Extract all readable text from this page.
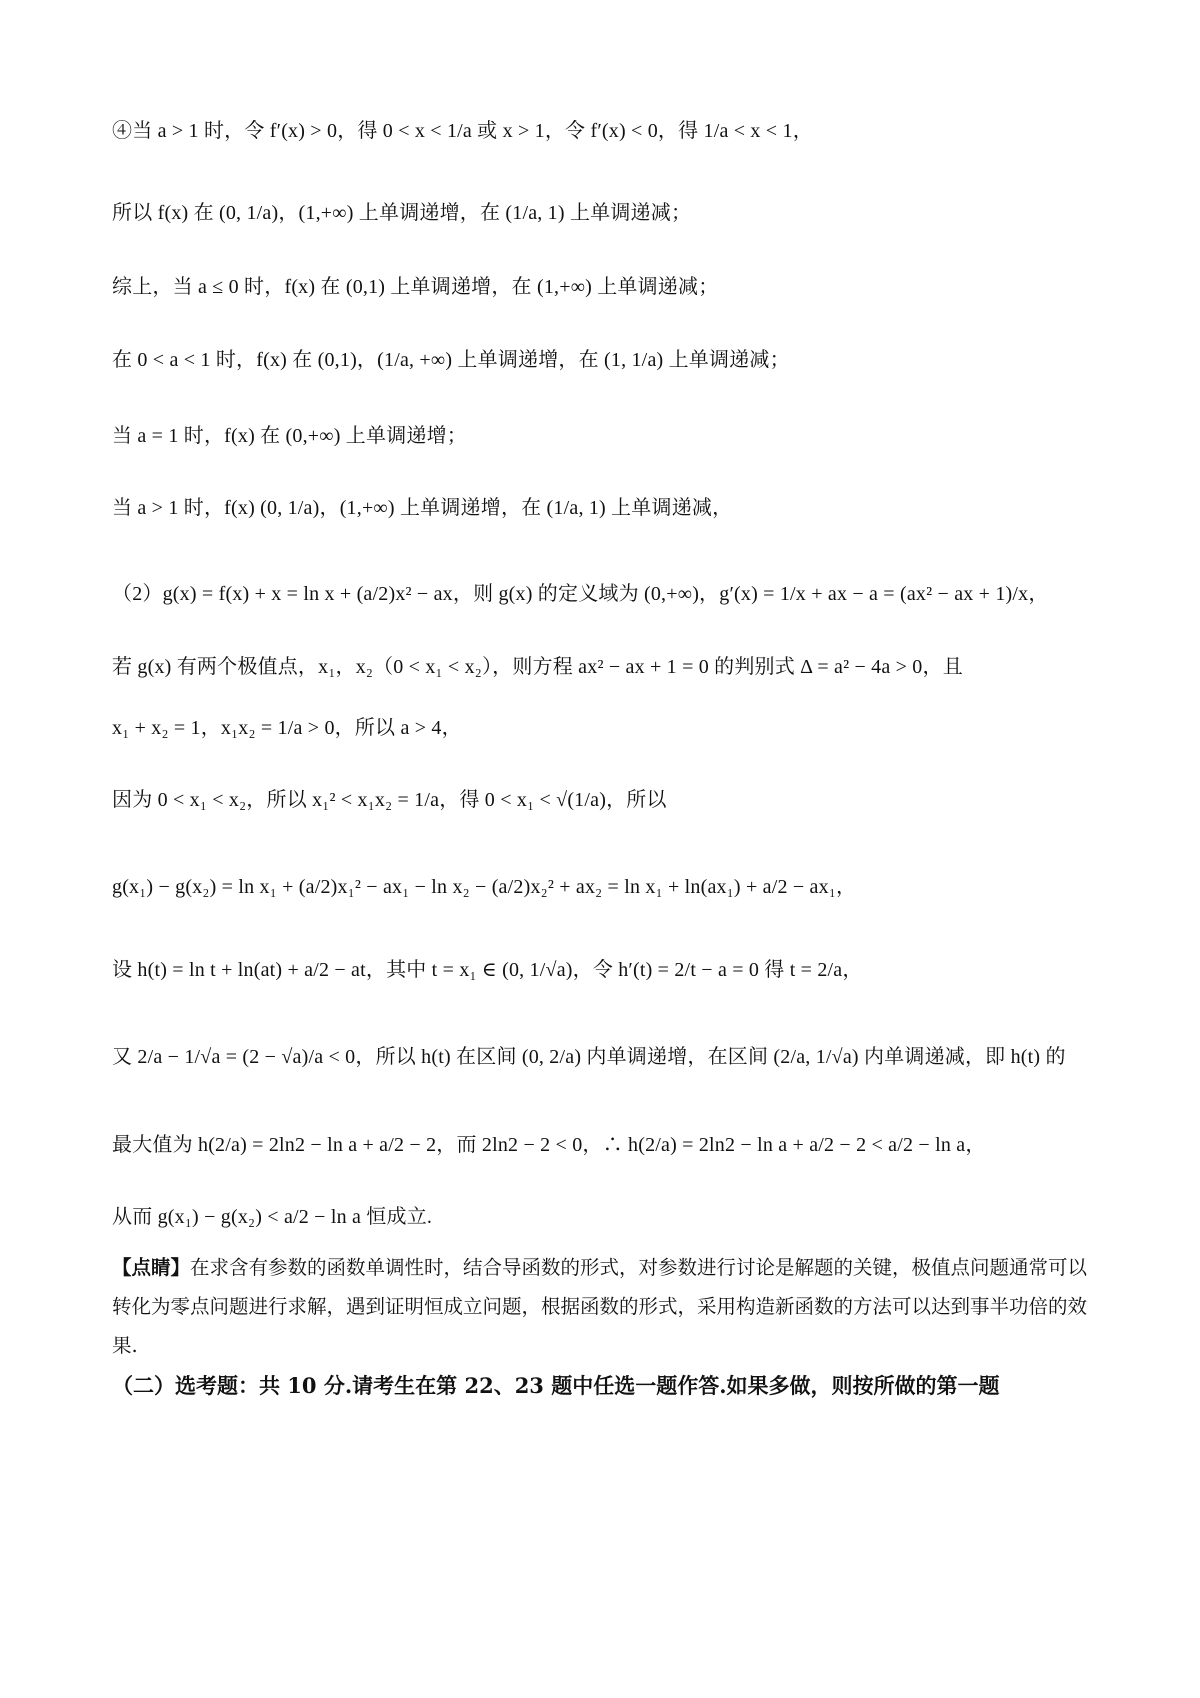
④当 a > 1 时，令 f′(x) > 0，得 0 < x < 1/a 或 x > 1，令 f′(x) < 0，得 1/a < x < 1，
所以 f(x) 在 (0, 1/a)，(1,+∞) 上单调递增，在 (1/a, 1) 上单调递减；
综上，当 a ≤ 0 时，f(x) 在 (0,1) 上单调递增，在 (1,+∞) 上单调递减；
在 0 < a < 1 时，f(x) 在 (0,1)，(1/a, +∞) 上单调递增，在 (1, 1/a) 上单调递减；
当 a = 1 时，f(x) 在 (0,+∞) 上单调递增；
当 a > 1 时，f(x) (0, 1/a)，(1,+∞) 上单调递增，在 (1/a, 1) 上单调递减，
（2）g(x) = f(x) + x = ln x + (a/2)x² − ax，则 g(x) 的定义域为 (0,+∞)，g′(x) = 1/x + ax − a = (ax² − ax + 1)/x，
若 g(x) 有两个极值点，x₁，x₂（0 < x₁ < x₂），则方程 ax² − ax + 1 = 0 的判别式 Δ = a² − 4a > 0，且
x₁ + x₂ = 1，x₁x₂ = 1/a > 0，所以 a > 4，
因为 0 < x₁ < x₂，所以 x₁² < x₁x₂ = 1/a，得 0 < x₁ < √(1/a)，所以
g(x₁) − g(x₂) = ln x₁ + (a/2)x₁² − ax₁ − ln x₂ − (a/2)x₂² + ax₂ = ln x₁ + ln(ax₁) + a/2 − ax₁，
设 h(t) = ln t + ln(at) + a/2 − at，其中 t = x₁ ∈ (0, 1/√a)，令 h′(t) = 2/t − a = 0 得 t = 2/a，
又 2/a − 1/√a = (2 − √a)/a < 0，所以 h(t) 在区间 (0, 2/a) 内单调递增，在区间 (2/a, 1/√a) 内单调递减，即 h(t) 的
最大值为 h(2/a) = 2ln2 − ln a + a/2 − 2，而 2ln2 − 2 < 0，∴ h(2/a) = 2ln2 − ln a + a/2 − 2 < a/2 − ln a，
从而 g(x₁) − g(x₂) < a/2 − ln a 恒成立.
【点睛】在求含有参数的函数单调性时，结合导函数的形式，对参数进行讨论是解题的关键，极值点问题通常可以转化为零点问题进行求解，遇到证明恒成立问题，根据函数的形式，采用构造新函数的方法可以达到事半功倍的效果.
（二）选考题：共 10 分.请考生在第 22、23 题中任选一题作答.如果多做，则按所做的第一题
